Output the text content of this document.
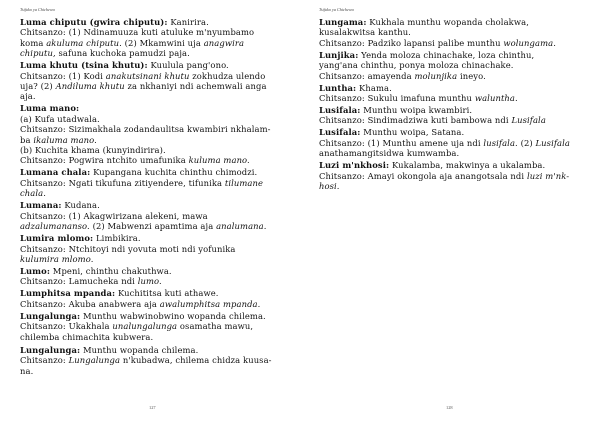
Tsifuko ya Chichewa
Luma chiputu (gwira chiputu): Kanirira.
Chitsanzo: (1) Ndinamuuza kuti atuluke m'nyumbamo
koma akuluma chiputu. (2) Mkamwini uja anagwira
chiputu, safuna kuchoka pamudzi paja.
Luma khutu (tsina khutu): Kuulula pang'ono.
Chitsanzo: (1) Kodi anakutsinani khutu zokhudza ulendo
uja? (2) Andiluma khutu za nkhaniyi ndi achemwali anga
aja.
Luma mano:
(a) Kufa utadwala.
Chitsanzo: Sizimakhala zodandaulitsa kwambiri nkhalam-
ba ikaluma mano.
(b) Kuchita khama (kunyindirira).
Chitsanzo: Pogwira ntchito umafunika kuluma mano.
Lumana chala: Kupangana kuchita chinthu chimodzi.
Chitsanzo: Ngati tikufuna zitiyendere, tifunika tilumane
chala.
Lumana: Kudana.
Chitsanzo: (1) Akagwirizana alekeni, mawa
adzalumananso. (2) Mabwenzi apamtima aja analumana.
Lumira mlomo: Limbikira.
Chitsanzo: Ntchitoyi ndi yovuta moti ndi yofunika
kulumira mlomo.
Lumo: Mpeni, chinthu chakuthwa.
Chitsanzo: Lamucheka ndi lumo.
Lumphitsa mpanda: Kuchititsa kuti athawe.
Chitsanzo: Akuba anabwera aja awalumphitsa mpanda.
Lungalunga: Munthu wabwinobwino wopanda chilema.
Chitsanzo: Ukakhala unalungalunga osamatha mawu,
chilemba chimachita kubwera.
Lungalunga: Munthu wopanda chilema.
Chitsanzo: Lungalunga n'kubadwa, chilema chidza kuusa-
na.
127
Tsifuko ya Chichewa
Lungama: Kukhala munthu wopanda cholakwa,
kusalakwitsa kanthu.
Chitsanzo: Padziko lapansi palibe munthu wolungama.
Lunjika: Yenda moloza chinachake, loza chinthu,
yang'ana chinthu, ponya moloza chinachake.
Chitsanzo: amayenda molunjika ineyo.
Luntha: Khama.
Chitsanzo: Sukulu imafuna munthu waluntha.
Lusifala: Munthu woipa kwambiri.
Chitsanzo: Sindimadziwa kuti bambowa ndi Lusifala
Lusifala: Munthu woipa, Satana.
Chitsanzo: (1) Munthu amene uja ndi lusifala. (2) Lusifala
anathamangitsidwa kumwamba.
Luzi m'nkhosi: Kukalamba, makwinya a ukalamba.
Chitsanzo: Amayi okongola aja anangotsala ndi luzi m'nk-
hosi.
128
